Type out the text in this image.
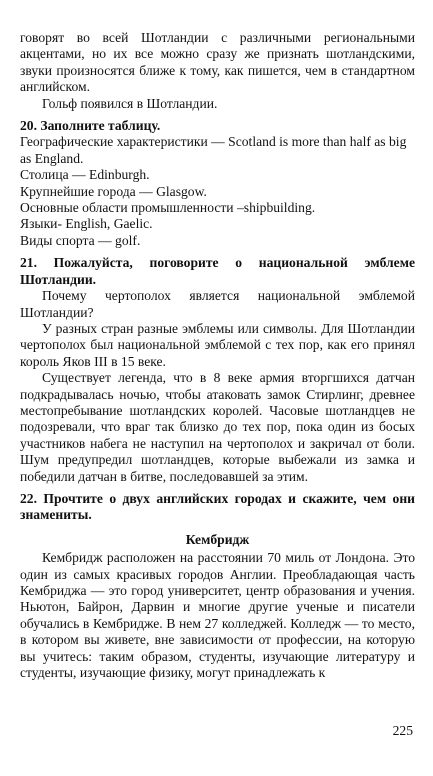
говорят во всей Шотландии с различными региональными акцентами, но их все можно сразу же признать шотландскими, звуки произносятся ближе к тому, как пишется, чем в стандартном английском.

Гольф появился в Шотландии.

20. Заполните таблицу.

Географические характеристики — Scotland is more than half as big as England.

Столица — Edinburgh.

Крупнейшие города — Glasgow.

Основные области промышленности –shipbuilding.

Языки- English, Gaelic.

Виды спорта — golf.

21. Пожалуйста, поговорите о национальной эмблеме Шотландии.

Почему чертополох является национальной эмблемой Шотландии?

У разных стран разные эмблемы или символы. Для Шотландии чертополох был национальной эмблемой с тех пор, как его принял король Яков III в 15 веке.

Существует легенда, что в 8 веке армия вторгшихся датчан подкрадывалась ночью, чтобы атаковать замок Стирлинг, древнее местопребывание шотландских королей. Часовые шотландцев не подозревали, что враг так близко до тех пор, пока один из босых участников набега не наступил на чертополох и закричал от боли. Шум предупредил шотландцев, которые выбежали из замка и победили датчан в битве, последовавшей за этим.

22. Прочтите о двух английских городах и скажите, чем они знамениты.

Кембридж

Кембридж расположен на расстоянии 70 миль от Лондона. Это один из самых красивых городов Англии. Преобладающая часть Кембриджа — это город университет, центр образования и учения. Ньютон, Байрон, Дарвин и многие другие ученые и писатели обучались в Кембридже. В нем 27 колледжей. Колледж — то место, в котором вы живете, вне зависимости от профессии, на которую вы учитесь: таким образом, студенты, изучающие литературу и студенты, изучающие физику, могут принадлежать к

225
